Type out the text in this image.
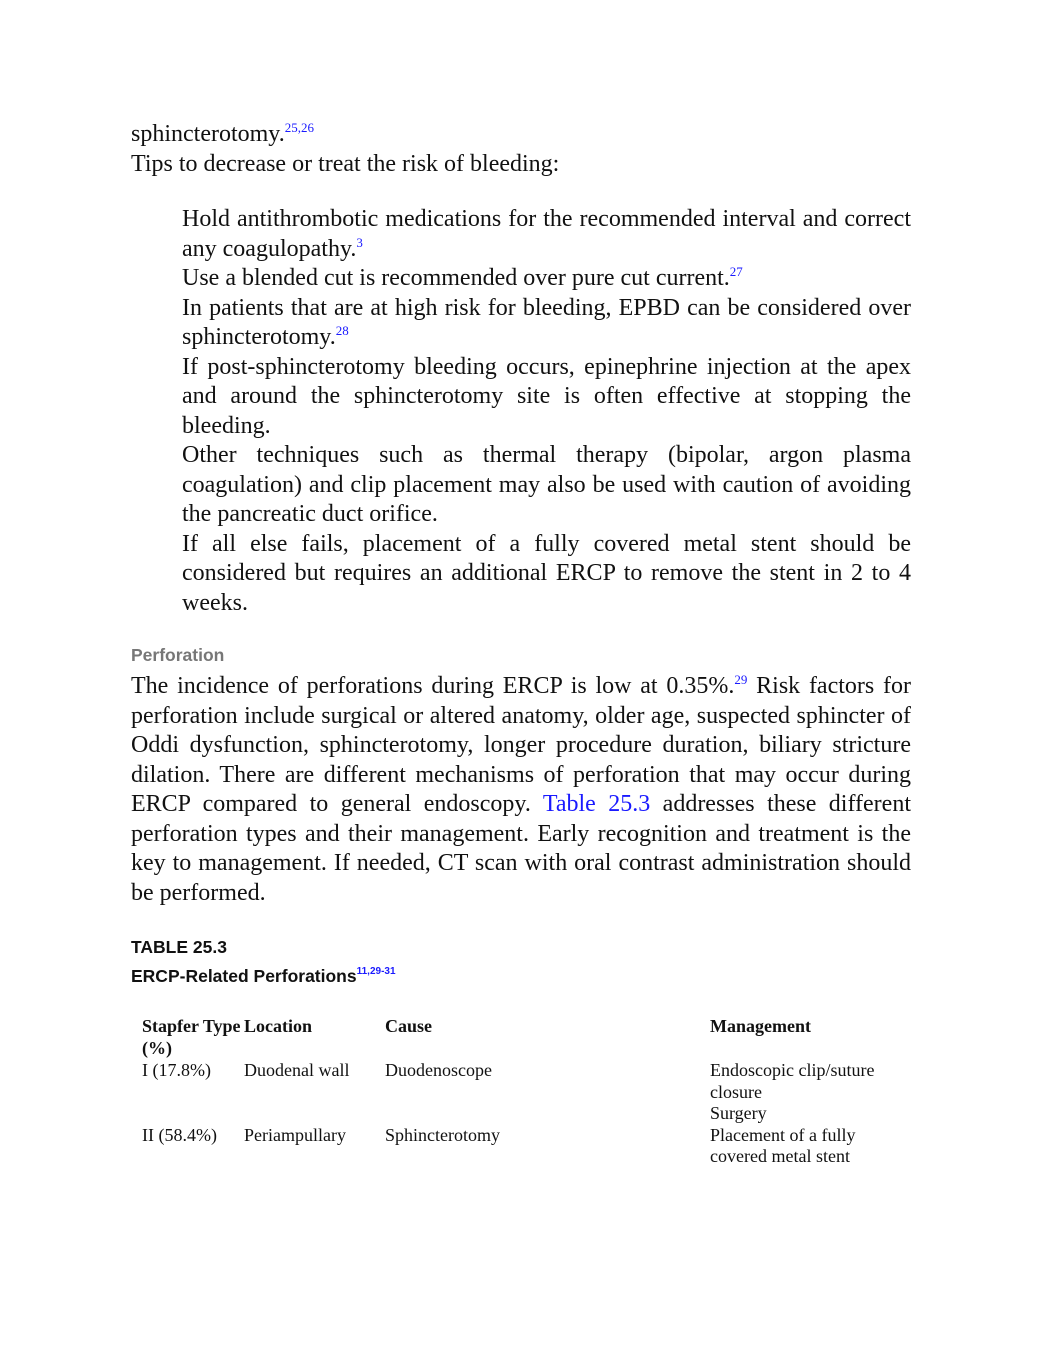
sphincterotomy.$^{25,26}$

Tips to decrease or treat the risk of bleeding:

Hold antithrombotic medications for the recommended interval and correct any coagulopathy.$^3$
Use a blended cut is recommended over pure cut current.$^{27}$
In patients that are at high risk for bleeding, EPBD can be considered over sphincterotomy.$^{28}$
If post-sphincterotomy bleeding occurs, epinephrine injection at the apex and around the sphincterotomy site is often effective at stopping the bleeding.
Other techniques such as thermal therapy (bipolar, argon plasma coagulation) and clip placement may also be used with caution of avoiding the pancreatic duct orifice.
If all else fails, placement of a fully covered metal stent should be considered but requires an additional ERCP to remove the stent in 2 to 4 weeks.
Perforation

The incidence of perforations during ERCP is low at 0.35%.$^{29}$ Risk factors for perforation include surgical or altered anatomy, older age, suspected sphincter of Oddi dysfunction, sphincterotomy, longer procedure duration, biliary stricture dilation. There are different mechanisms of perforation that may occur during ERCP compared to general endoscopy. Table 25.3 addresses these different perforation types and their management. Early recognition and treatment is the key to management. If needed, CT scan with oral contrast administration should be performed.

TABLE 25.3
ERCP-Related Perforations$^{11,29-31}$
Stapfer Type (%)	Location	Cause	Management
I (17.8%)	Duodenal wall	Duodenoscope	Endoscopic clip/suture closure
Surgery

II (58.4%)	Periampullary	Sphincterotomy	Placement of a fully covered metal stent
